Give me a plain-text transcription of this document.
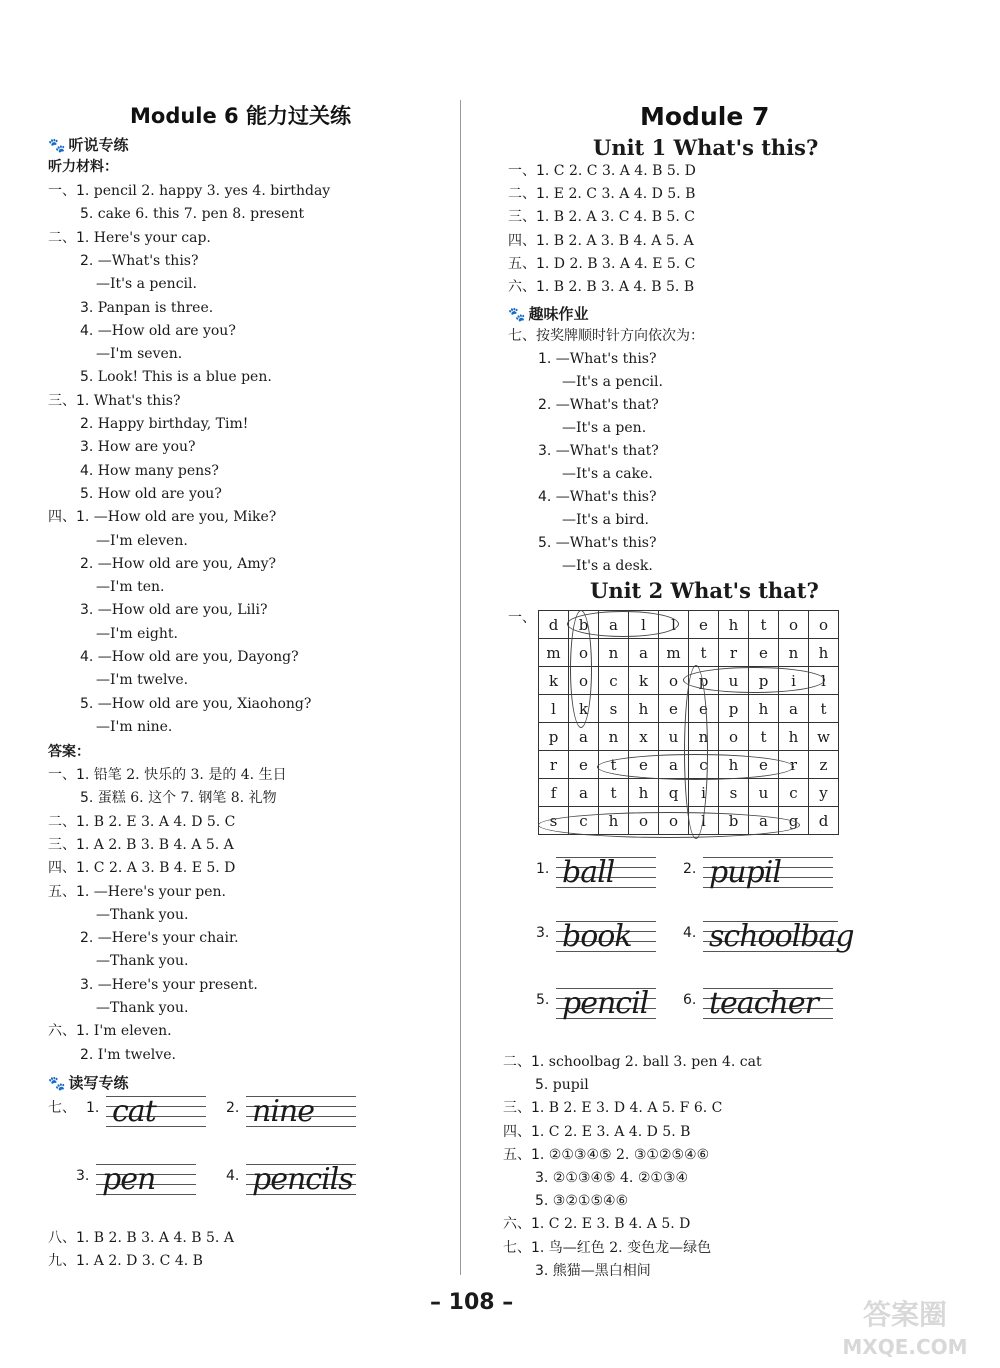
Module 6 能力过关练
🐾 听说专练
听力材料：
一、1. pencil 2. happy 3. yes 4. birthday
5. cake 6. this 7. pen 8. present
二、1. Here's your cap.
2. —What's this?
—It's a pencil.
3. Panpan is three.
4. —How old are you?
—I'm seven.
5. Look! This is a blue pen.
三、1. What's this?
2. Happy birthday, Tim!
3. How are you?
4. How many pens?
5. How old are you?
四、1. —How old are you, Mike?
—I'm eleven.
2. —How old are you, Amy?
—I'm ten.
3. —How old are you, Lili?
—I'm eight.
4. —How old are you, Dayong?
—I'm twelve.
5. —How old are you, Xiaohong?
—I'm nine.
答案：
一、1. 铅笔 2. 快乐的 3. 是的 4. 生日
5. 蛋糕 6. 这个 7. 钢笔 8. 礼物
二、1. B 2. E 3. A 4. D 5. C
三、1. A 2. B 3. B 4. A 5. A
四、1. C 2. A 3. B 4. E 5. D
五、1. —Here's your pen.
—Thank you.
2. —Here's your chair.
—Thank you.
3. —Here's your present.
—Thank you.
六、1. I'm eleven.
2. I'm twelve.
🐾 读写专练
七、 1. cat	2. nine
3. pen	4. pencils
八、1. B 2. B 3. A 4. B 5. A
九、1. A 2. D 3. C 4. B
Module 7
Unit 1 What's this?
一、1. C 2. C 3. A 4. B 5. D
二、1. E 2. C 3. A 4. D 5. B
三、1. B 2. A 3. C 4. B 5. C
四、1. B 2. A 3. B 4. A 5. A
五、1. D 2. B 3. A 4. E 5. C
六、1. B 2. B 3. A 4. B 5. B
🐾 趣味作业
七、按奖牌顺时针方向依次为：
1. —What's this?
—It's a pencil.
2. —What's that?
—It's a pen.
3. —What's that?
—It's a cake.
4. —What's this?
—It's a bird.
5. —What's this?
—It's a desk.
Unit 2 What's that?
一、 d	b	a	l	l	e	h	t	o	o
m	o	n	a	m	t	r	e	n	h
k	o	c	k	o	p	u	p	i	l
l	k	s	h	e	e	p	h	a	t
p	a	n	x	u	n	o	t	h	w
r	e	t	e	a	c	h	e	r	z
f	a	t	h	q	i	s	u	c	y
s	c	h	o	o	l	b	a	g	d
1. ball	2. pupil
3. book	4. schoolbag
5. pencil 6. teacher
二、1. schoolbag 2. ball 3. pen 4. cat
5. pupil
三、1. B 2. E 3. D 4. A 5. F 6. C
四、1. C 2. E 3. A 4. D 5. B
五、1. ②①③④⑤ 2. ③①②⑤④⑥
3. ②①③④⑤ 4. ②①③④
5. ③②①⑤④⑥
六、1. C 2. E 3. B 4. A 5. D
七、1. 鸟—红色 2. 变色龙—绿色
3. 熊猫—黑白相间
– 108 –	答案圈
MXQE.COM
